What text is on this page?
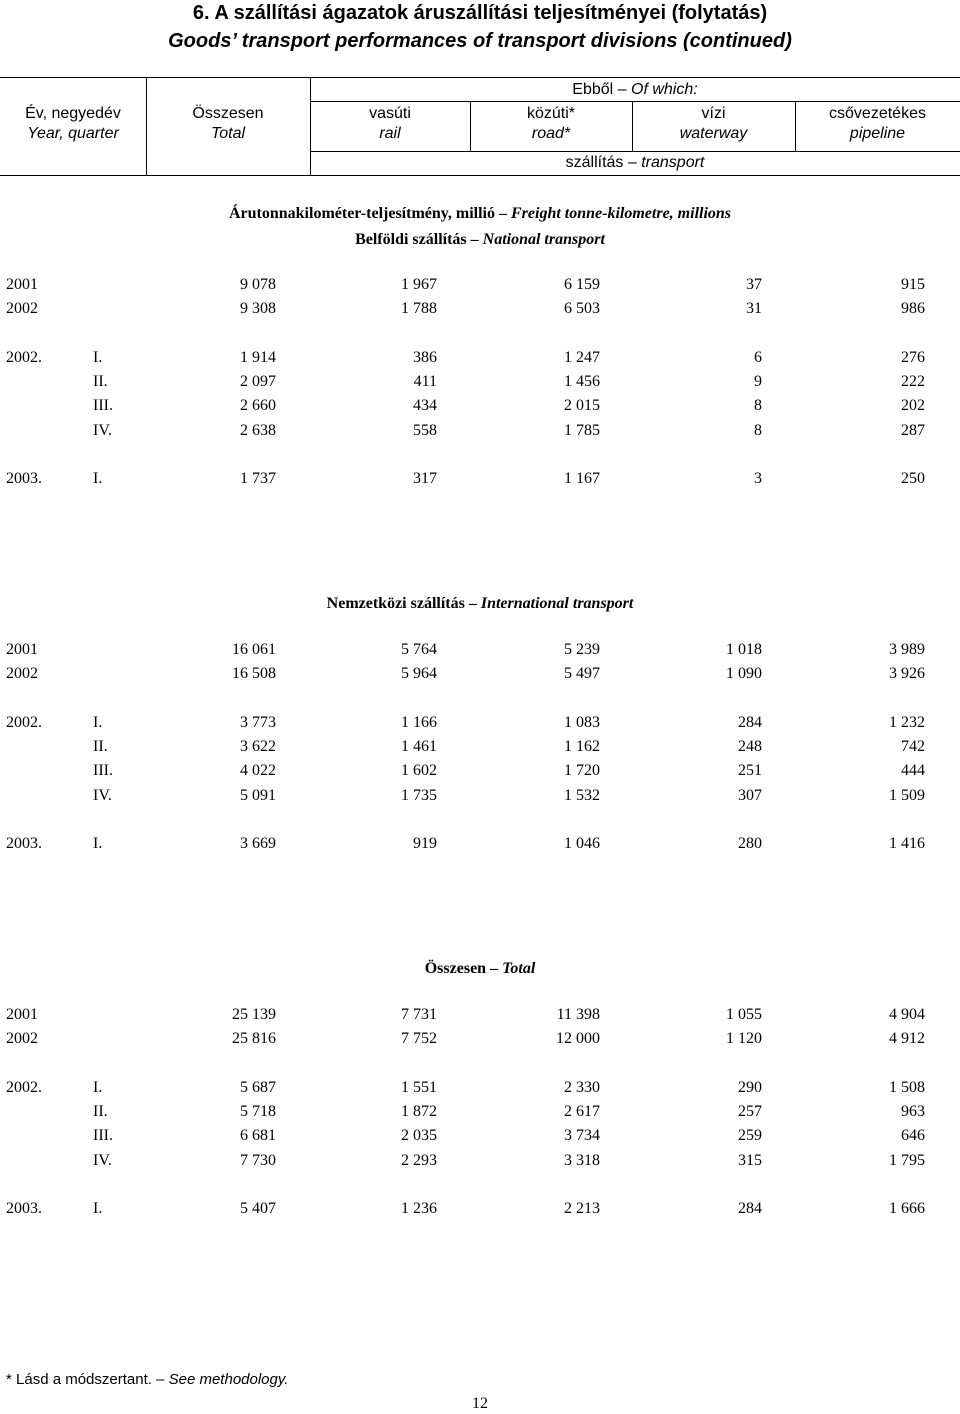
6. A szállítási ágazatok áruszállítási teljesítményei (folytatás)
Goods’ transport performances of transport divisions (continued)
Év, negyedév
Year, quarter
Összesen
Total
Ebből – Of which:
vasúti
rail
közúti*
road*
vízi
waterway
csővezetékes
pipeline
szállítás – transport
Árutonnakilométer-teljesítmény, millió – Freight tonne-kilometre, millions
Belföldi szállítás – National transport
Nemzetközi szállítás – International transport
Összesen – Total
2001	9 078	1 967	6 159	37	915
2002	9 308	1 788	6 503	31	986
2002.	I.	1 914	386	1 247	6	276
II.	2 097	411	1 456	9	222
III.	2 660	434	2 015	8	202
IV.	2 638	558	1 785	8	287
2003.	I.	1 737	317	1 167	3	250
2001	16 061	5 764	5 239	1 018	3 989
2002	16 508	5 964	5 497	1 090	3 926
2002.	I.	3 773	1 166	1 083	284	1 232
II.	3 622	1 461	1 162	248	742
III.	4 022	1 602	1 720	251	444
IV.	5 091	1 735	1 532	307	1 509
2003.	I.	3 669	919	1 046	280	1 416
2001	25 139	7 731	11 398	1 055	4 904
2002	25 816	7 752	12 000	1 120	4 912
2002.	I.	5 687	1 551	2 330	290	1 508
II.	5 718	1 872	2 617	257	963
III.	6 681	2 035	3 734	259	646
IV.	7 730	2 293	3 318	315	1 795
2003.	I.	5 407	1 236	2 213	284	1 666
* Lásd a módszertant. – See methodology.
12
